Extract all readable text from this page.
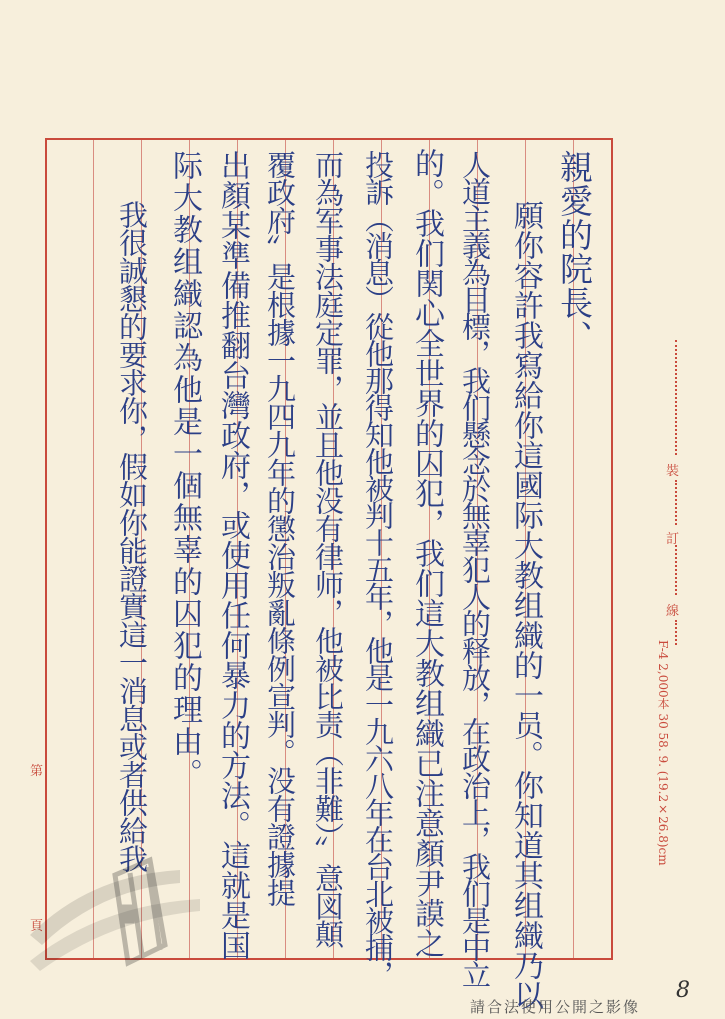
親愛的院長、
願你容許我寫給你這國际大教组織的一员。你知道其组織乃以
人道主義為目標，我们懸念於無辜犯人的释放，在政治上，我们是中立
的。我们関心全世界的囚犯，我们這大教组織已注意顏尹謨之
投訴（消息）從他那得知他被判十五年，他是一九六八年在台北被捕，
而為军事法庭定罪，並且他没有律师，他被比责（非難）〞意図顛
覆政府〞是根據一九四九年的懲治叛亂條例宣判。没有證據提
出顏某準備推翻台灣政府，或使用任何暴力的方法。這就是国
际大教组織認為他是一個無辜的囚犯的理由。
我很誠懇的要求你，假如你能證實這一消息或者供給我
第
頁
裝
訂
線
F-4 2,000本 30 58. 9. (19.2×26.8)cm
8
請合法使用公開之影像
